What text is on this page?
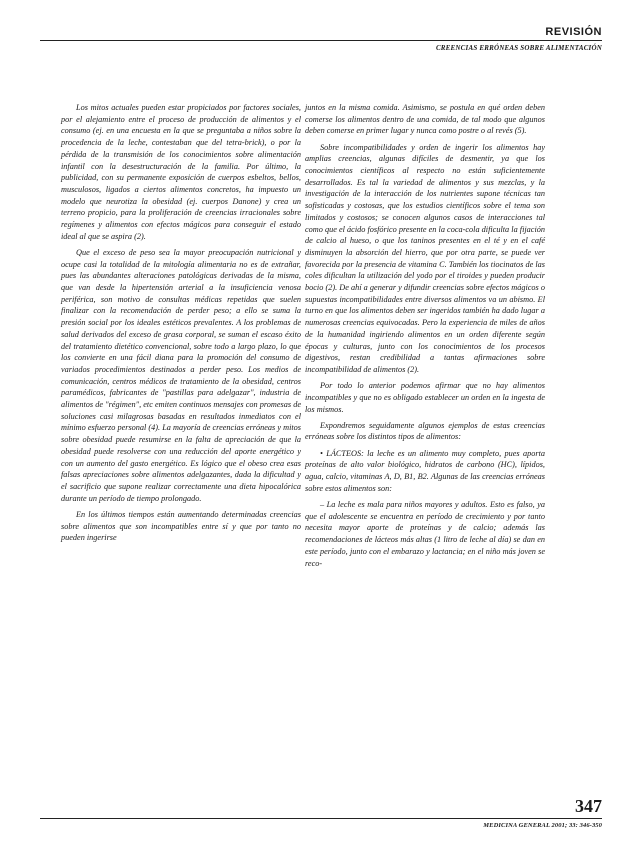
REVISIÓN
CREENCIAS ERRÓNEAS SOBRE ALIMENTACIÓN

Los mitos actuales pueden estar propiciados por factores sociales, por el alejamiento entre el proceso de producción de alimentos y el consumo (ej. en una encuesta en la que se preguntaba a niños sobre la procedencia de la leche, contestaban que del tetra-brick), o por la pérdida de la transmisión de los conocimientos sobre alimentación infantil con la desestructuración de la familia. Por último, la publicidad, con su permanente exposición de cuerpos esbeltos, bellos, musculosos, ligados a ciertos alimentos concretos, ha impuesto un modelo que neurotiza la obesidad (ej. cuerpos Danone) y crea un terreno propicio, para la proliferación de creencias irracionales sobre regímenes y alimentos con efectos mágicos para conseguir el estado ideal al que se aspira (2).

Que el exceso de peso sea la mayor preocupación nutricional y ocupe casi la totalidad de la mitología alimentaria no es de extrañar, pues las abundantes alteraciones patológicas derivadas de la misma, que van desde la hipertensión arterial a la insuficiencia venosa periférica, son motivo de consultas médicas repetidas que suelen finalizar con la recomendación de perder peso; a ello se suma la presión social por los ideales estéticos prevalentes. A los problemas de salud derivados del exceso de grasa corporal, se suman el escaso éxito del tratamiento dietético convencional, sobre todo a largo plazo, lo que los convierte en una fácil diana para la promoción del consumo de variados procedimientos destinados a perder peso. Los medios de comunicación, centros médicos de tratamiento de la obesidad, centros paramédicos, fabricantes de "pastillas para adelgazar", industria de alimentos de "régimen", etc emiten continuos mensajes con promesas de soluciones casi milagrosas basadas en resultados inmediatos con el mínimo esfuerzo personal (4). La mayoría de creencias erróneas y mitos sobre obesidad puede resumirse en la falta de apreciación de que la obesidad puede resolverse con una reducción del aporte energético y con un aumento del gasto energético. Es lógico que el obeso crea esas falsas apreciaciones sobre alimentos adelgazantes, dada la dificultad y el sacrificio que supone realizar correctamente una dieta hipocalórica durante un período de tiempo prolongado.

En los últimos tiempos están aumentando determinadas creencias sobre alimentos que son incompatibles entre sí y que por tanto no pueden ingerirse

juntos en la misma comida. Asimismo, se postula en qué orden deben comerse los alimentos dentro de una comida, de tal modo que algunos deben comerse en primer lugar y nunca como postre o al revés (5).

Sobre incompatibilidades y orden de ingerir los alimentos hay amplias creencias, algunas difíciles de desmentir, ya que los conocimientos científicos al respecto no están suficientemente desarrollados. Es tal la variedad de alimentos y sus mezclas, y la investigación de la interacción de los nutrientes supone técnicas tan sofisticadas y costosas, que los estudios científicos sobre el tema son limitados y costosos; se conocen algunos casos de interacciones tal como que el ácido fosfórico presente en la coca-cola dificulta la fijación de calcio al hueso, o que los taninos presentes en el té y en el café disminuyen la absorción del hierro, que por otra parte, se puede ver favorecida por la presencia de vitamina C. También los tiocinatos de las coles dificultan la utilización del yodo por el tiroides y pueden producir bocio (2). De ahí a generar y difundir creencias sobre efectos mágicos o supuestas incompatibilidades entre diversos alimentos va un abismo. El turno en que los alimentos deben ser ingeridos también ha dado lugar a numerosas creencias equivocadas. Pero la experiencia de miles de años de la humanidad ingiriendo alimentos en un orden diferente según épocas y culturas, junto con los conocimientos de los procesos digestivos, restan credibilidad a tantas afirmaciones sobre incompatibilidad de alimentos (2).

Por todo lo anterior podemos afirmar que no hay alimentos incompatibles y que no es obligado establecer un orden en la ingesta de los mismos.

Expondremos seguidamente algunos ejemplos de estas creencias erróneas sobre los distintos tipos de alimentos:

• LÁCTEOS: la leche es un alimento muy completo, pues aporta proteínas de alto valor biológico, hidratos de carbono (HC), lípidos, agua, calcio, vitaminas A, D, B1, B2. Algunas de las creencias erróneas sobre estos alimentos son:

– La leche es mala para niños mayores y adultos. Esto es falso, ya que el adolescente se encuentra en período de crecimiento y por tanto necesita mayor aporte de proteínas y de calcio; además las recomendaciones de lácteos más altas (1 litro de leche al día) se dan en este período, junto con el embarazo y lactancia; en el niño más joven se reco-

347
MEDICINA GENERAL 2001; 33: 346-350
